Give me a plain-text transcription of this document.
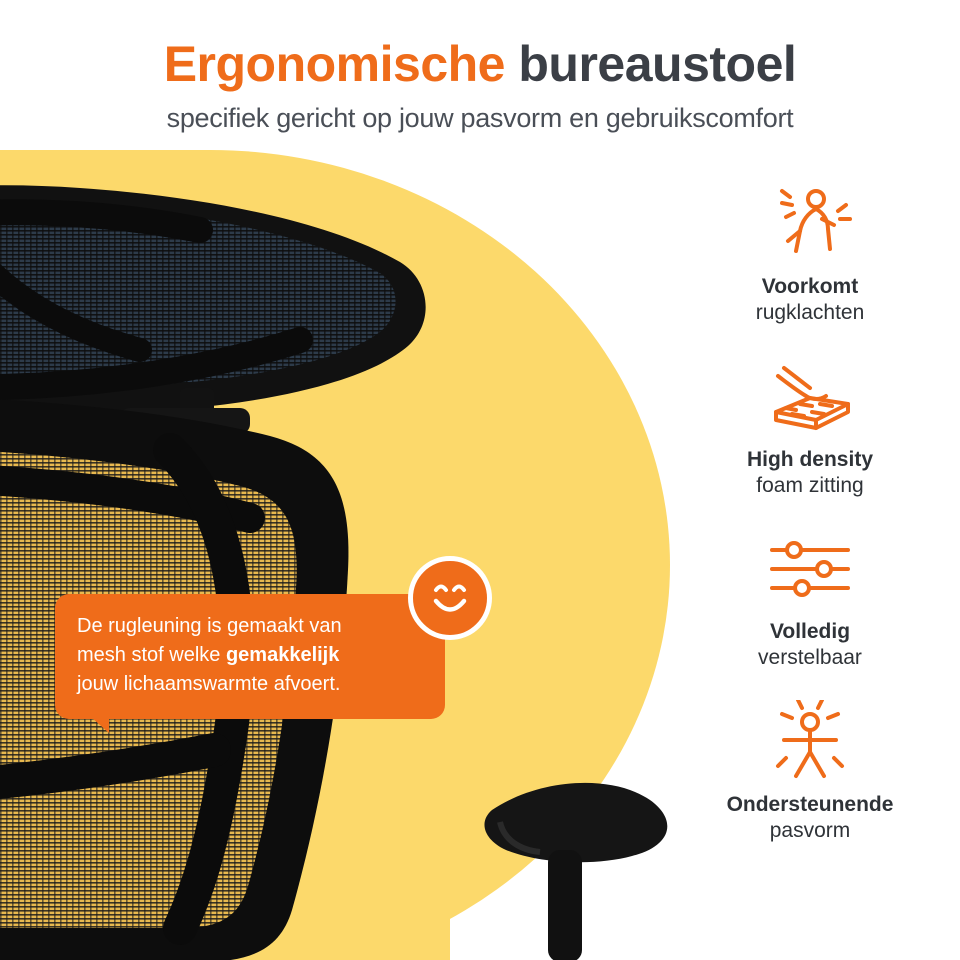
Ergonomische bureaustoel

specifiek gericht op jouw pasvorm en gebruikscomfort

De rugleuning is gemaakt van
mesh stof welke gemakkelijk
jouw lichaamswarmte afvoert.
Voorkomt
rugklachten
High density
foam zitting
Volledig
verstelbaar
Ondersteunende
pasvorm
